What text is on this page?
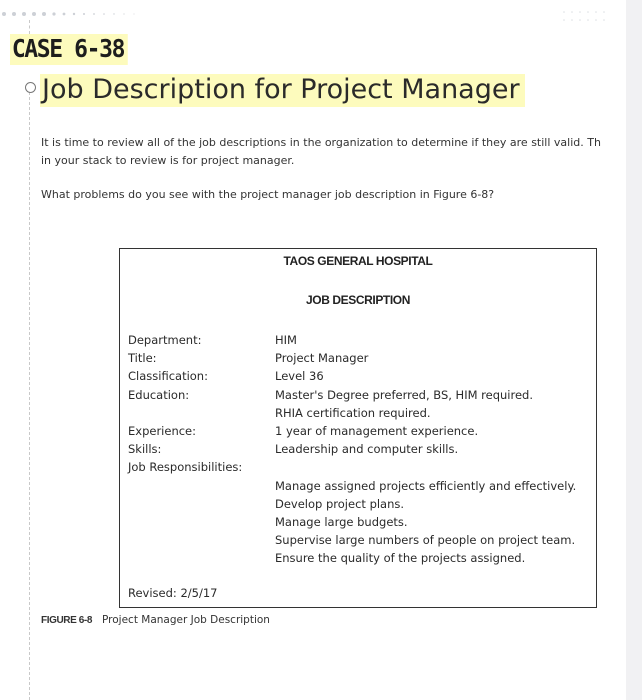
CASE 6-38
Job Description for Project Manager
It is time to review all of the job descriptions in the organization to determine if they are still valid. Th
in your stack to review is for project manager.

What problems do you see with the project manager job description in Figure 6-8?

TAOS GENERAL HOSPITAL

JOB DESCRIPTION

Department:	HIM
Title:	Project Manager
Classification:	Level 36
Education:	Master's Degree preferred, BS, HIM required.
RHIA certification required.
Experience:	1 year of management experience.
Skills:	Leadership and computer skills.
Job Responsibilities:
Manage assigned projects efficiently and effectively.
Develop project plans.
Manage large budgets.
Supervise large numbers of people on project team.
Ensure the quality of the projects assigned.

Revised: 2/5/17

FIGURE 6-8 Project Manager Job Description
